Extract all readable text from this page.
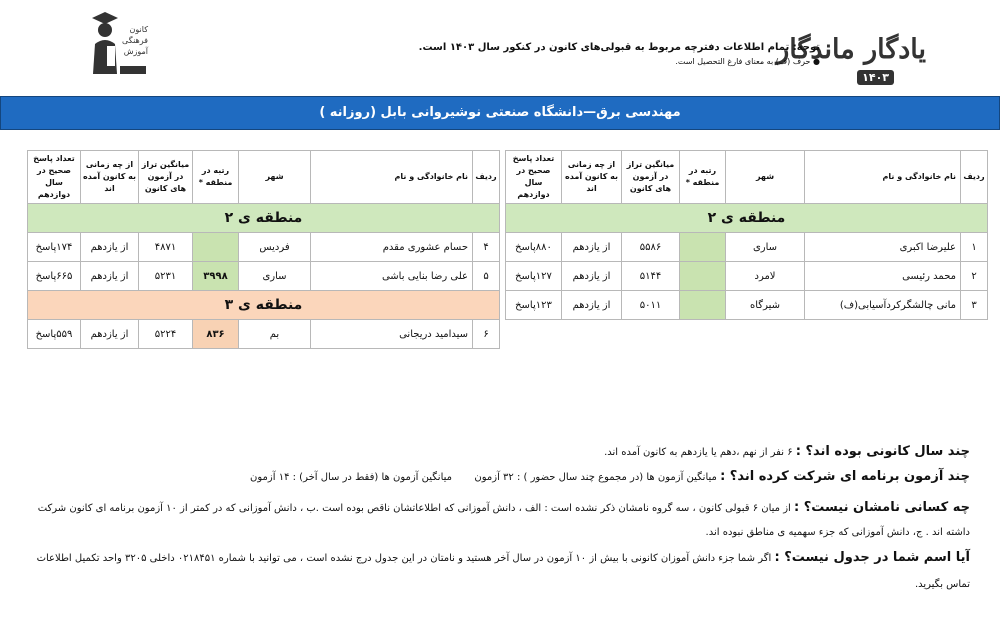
یادگار ماندگار
۱۴۰۳
توجه: تمام اطلاعات دفترچه مربوط به قبولی‌های کانون در کنکور سال ۱۴۰۳ است.
● حرف (ف) به معنای فارغ التحصیل است.
کانون فرهنگی آموزش
مهندسی برق—دانشگاه صنعتی نوشیروانی بابل (روزانه )
ردیف	نام خانوادگی و نام	شهر	رتبه در منطقه *	میانگین تراز در آزمون های کانون	از چه زمانی به کانون آمده اند	تعداد پاسخ صحیح در سال دوازدهم
منطقه ی ۲						
۱	علیرضا اکبری	ساری		۵۵۸۶	از یازدهم	۸۸۰پاسخ
۲	محمد رئیسی	لامرد		۵۱۴۴	از یازدهم	۱۲۷پاسخ
۳	مانی چالشگرکردآسیابی(ف)	شیرگاه		۵۰۱۱	از یازدهم	۱۲۳پاسخ
ردیف	نام خانوادگی و نام	شهر	رتبه در منطقه *	میانگین تراز در آزمون های کانون	از چه زمانی به کانون آمده اند	تعداد پاسخ صحیح در سال دوازدهم
منطقه ی ۲						
۴	حسام عشوری مقدم	فردیس		۴۸۷۱	از یازدهم	۱۷۴پاسخ
۵	علی رضا بنایی باشی	ساری	۳۹۹۸	۵۲۳۱	از یازدهم	۶۶۵پاسخ
منطقه ی ۳						
۶	سیدامید دریجانی	بم	۸۳۶	۵۲۲۴	از یازدهم	۵۵۹پاسخ
چند سال کانونی بوده اند؟ : ۶ نفر از نهم ،دهم یا یازدهم به کانون آمده اند.
چند آزمون برنامه ای شرکت کرده اند؟ : میانگین آزمون ها (در مجموع چند سال حضور ) : ۳۲ آزمون  میانگین آزمون ها (فقط در سال آخر) : ۱۴ آزمون
چه کسانی نامشان نیست؟ : از میان ۶ قبولی کانون ، سه گروه نامشان ذکر نشده است : الف ، دانش آموزانی که اطلاعاتشان ناقص بوده است .ب ، دانش آموزانی که در کمتر از ۱۰ آزمون برنامه ای کانون شرکت داشته اند . ج، دانش آموزانی که جزء سهمیه ی مناطق نبوده اند.
آیا اسم شما در جدول نیست؟ : اگر شما جزء دانش آموزان کانونی با بیش از ۱۰ آزمون در سال آخر هستید و نامتان در این جدول درج نشده است ، می توانید با شماره ۰۲۱۸۴۵۱ داخلی ۳۲۰۵ واحد تکمیل اطلاعات تماس بگیرید.
